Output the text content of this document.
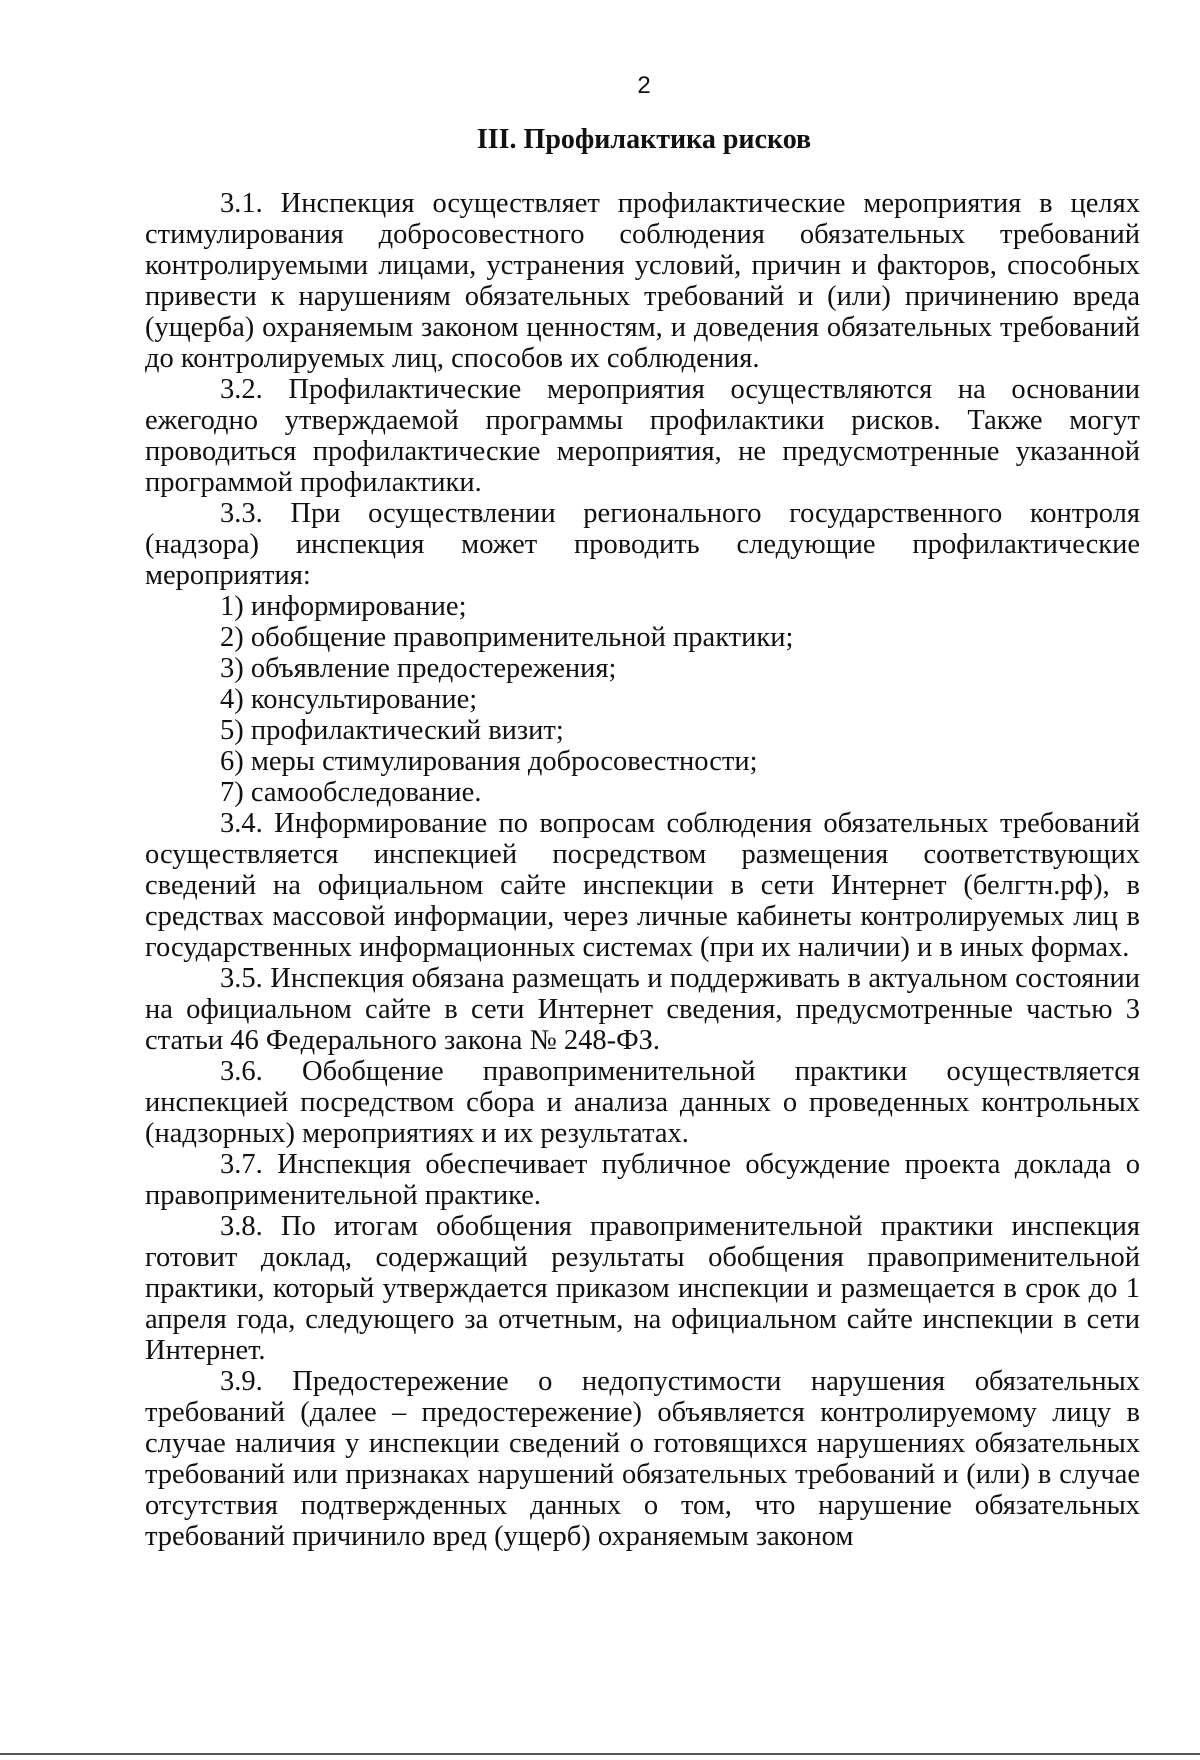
2
III. Профилактика рисков

3.1. Инспекция осуществляет профилактические мероприятия в целях стимулирования добросовестного соблюдения обязательных требований контролируемыми лицами, устранения условий, причин и факторов, способных привести к нарушениям обязательных требований и (или) причинению вреда (ущерба) охраняемым законом ценностям, и доведения обязательных требований до контролируемых лиц, способов их соблюдения.

3.2. Профилактические мероприятия осуществляются на основании ежегодно утверждаемой программы профилактики рисков. Также могут проводиться профилактические мероприятия, не предусмотренные указанной программой профилактики.

3.3. При осуществлении регионального государственного контроля (надзора) инспекция может проводить следующие профилактические мероприятия:

1) информирование;

2) обобщение правоприменительной практики;

3) объявление предостережения;

4) консультирование;

5) профилактический визит;

6) меры стимулирования добросовестности;

7) самообследование.

3.4. Информирование по вопросам соблюдения обязательных требований осуществляется инспекцией посредством размещения соответствующих сведений на официальном сайте инспекции в сети Интернет (белгтн.рф), в средствах массовой информации, через личные кабинеты контролируемых лиц в государственных информационных системах (при их наличии) и в иных формах.

3.5. Инспекция обязана размещать и поддерживать в актуальном состоянии на официальном сайте в сети Интернет сведения, предусмотренные частью 3 статьи 46 Федерального закона № 248-ФЗ.

3.6. Обобщение правоприменительной практики осуществляется инспекцией посредством сбора и анализа данных о проведенных контрольных (надзорных) мероприятиях и их результатах.

3.7. Инспекция обеспечивает публичное обсуждение проекта доклада о правоприменительной практике.

3.8. По итогам обобщения правоприменительной практики инспекция готовит доклад, содержащий результаты обобщения правоприменительной практики, который утверждается приказом инспекции и размещается в срок до 1 апреля года, следующего за отчетным, на официальном сайте инспекции в сети Интернет.

3.9. Предостережение о недопустимости нарушения обязательных требований (далее – предостережение) объявляется контролируемому лицу в случае наличия у инспекции сведений о готовящихся нарушениях обязательных требований или признаках нарушений обязательных требований и (или) в случае отсутствия подтвержденных данных о том, что нарушение обязательных требований причинило вред (ущерб) охраняемым законом
